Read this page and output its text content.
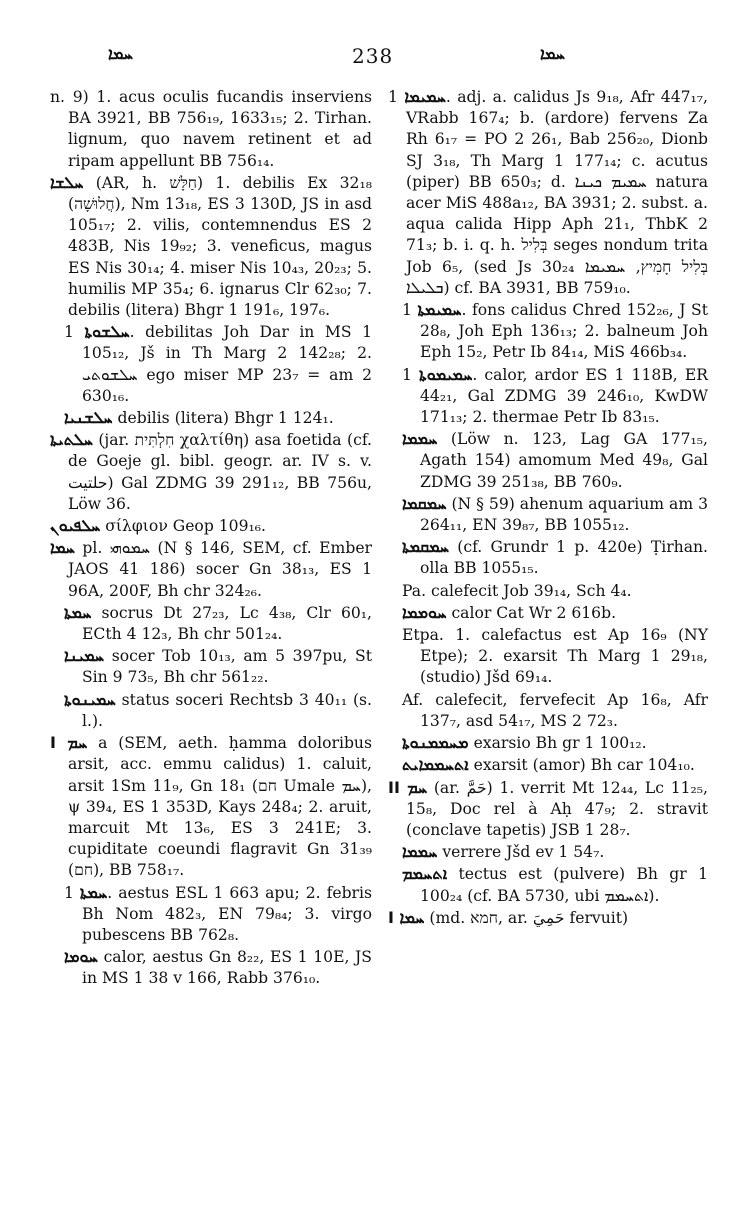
ܚܡܐ	238	ܚܡܐ

n. 9) 1. acus oculis fucandis inserviens BA 3921, BB 756₁₉, 1633₁₅; 2. Tirhan. lignum, quo navem retinent et ad ripam appellunt BB 756₁₄.

ܚܠܫܐ (AR, h. חַלָּשׁ) 1. debilis Ex 32₁₈ (חֲלוּשָׁה), Nm 13₁₈, ES 3 130D, JS in asd 105₁₇; 2. vilis, contemnendus ES 2 483B, Nis 19₉₂; 3. veneficus, magus ES Nis 30₁₄; 4. miser Nis 10₄₃, 20₂₃; 5. humilis MP 35₄; 6. ignarus Clr 62₃₀; 7. debilis (litera) Bhgr 1 191₆, 197₆.

ܚܠܫܘܬܐ 1. debilitas Joh Dar in MS 1 105₁₂, Jš in Th Marg 2 142₂₈; 2. ܚܠܫܘܬܝ ego miser MP 23₇ = am 2 630₁₆.

ܚܠܫܢܝܐ debilis (litera) Bhgr 1 124₁.

ܚܠܬܝܬܐ (jar. חִלְתִּית χαλτίθη) asa foetida (cf. de Goeje gl. bibl. geogr. ar. IV s. v. حلتيت) Gal ZDMG 39 291₁₂, BB 756u, Löw 36.

ܚܠܦܝܘܢ σίλφιον Geop 109₁₆.

ܚܡܐ pl. ܚܡܘܗܝ (N § 146, SEM, cf. Ember JAOS 41 186) socer Gn 38₁₃, ES 1 96A, 200F, Bh chr 324₂₆.

ܚܡܬܐ socrus Dt 27₂₃, Lc 4₃₈, Clr 60₁, ECth 4 12₃, Bh chr 501₂₄.

ܚܡܝܢܐ socer Tob 10₁₃, am 5 397pu, St Sin 9 73₅, Bh chr 561₂₂.

ܚܡܝܢܘܬܐ status soceri Rechtsb 3 40₁₁ (s. l.).

I ܚܡ a (SEM, aeth. ḥamma doloribus arsit, acc. emmu calidus) 1. caluit, arsit 1Sm 11₉, Gn 18₁ (חם Umale ܚܡ), ψ 39₄, ES 1 353D, Kays 248₄; 2. aruit, marcuit Mt 13₆, ES 3 241E; 3. cupiditate coeundi flagravit Gn 31₃₉ (חם), BB 758₁₇.

ܚܡܬܐ 1. aestus ESL 1 663 apu; 2. febris Bh Nom 482₃, EN 79₈₄; 3. virgo pubescens BB 762₈.

ܚܘܡܐ calor, aestus Gn 8₂₂, ES 1 10E, JS in MS 1 38 v 166, Rabb 376₁₀.

ܚܡܝܡܐ 1. adj. a. calidus Js 9₁₈, Afr 447₁₇, VRabb 167₄; b. (ardore) fervens Za Rh 6₁₇ = PO 2 26₁, Bab 256₂₀, Dionb SJ 3₁₈, Th Marg 1 177₁₄; c. acutus (piper) BB 650₃; d. ܚܡܝܡ ܟܝܢܐ natura acer MiS 488a₁₂, BA 3931; 2. subst. a. aqua calida Hipp Aph 21₁, ThbK 2 71₃; b. i. q. h. בְּלִיל seges nondum trita Job 6₅, (sed Js 30₂₄ בְּלִיל חָמִיץ, ܚܡܝܡܐ ܒܠܝܠܐ) cf. BA 3931, BB 759₁₀.

ܚܡܝܡܬܐ 1. fons calidus Chred 152₂₆, J St 28₈, Joh Eph 136₁₃; 2. balneum Joh Eph 15₂, Petr Ib 84₁₄, MiS 466b₃₄.

ܚܡܝܡܘܬܐ 1. calor, ardor ES 1 118B, ER 44₂₁, Gal ZDMG 39 246₁₀, KwDW 171₁₃; 2. thermae Petr Ib 83₁₅.

ܚܡܡܐ (Löw n. 123, Lag GA 177₁₅, Agath 154) amomum Med 49₈, Gal ZDMG 39 251₃₈, BB 760₉.

ܚܡܩܡܐ (N § 59) ahenum aquarium am 3 264₁₁, EN 39₈₇, BB 1055₁₂.

ܚܡܩܡܬܐ (cf. Grundr 1 p. 420e) Ṭirhan. olla BB 1055₁₅.

Pa. calefecit Job 39₁₄, Sch 4₄.

ܚܘܡܡܐ calor Cat Wr 2 616b.

Etpa. 1. calefactus est Ap 16₉ (NY Etpe); 2. exarsit Th Marg 1 29₁₈, (studio) Jšd 69₁₄.

Af. calefecit, fervefecit Ap 16₈, Afr 137₇, asd 54₁₇, MS 2 72₃.

ܡܚܡܡܢܘܬܐ exarsio Bh gr 1 100₁₂.

ܐܬܚܡܡܐܝܬ exarsit (amor) Bh car 104₁₀.

II ܚܡ (ar. حَمَّ) 1. verrit Mt 12₄₄, Lc 11₂₅, 15₈, Doc rel à Aḥ 47₉; 2. stravit (conclave tapetis) JSB 1 28₇.

ܚܡܡܐ verrere Jšd ev 1 54₇.

ܐܬܚܡܡ tectus est (pulvere) Bh gr 1 100₂₄ (cf. BA 5730, ubi ܐܬܚܡܡ).

I ܚܡܐ (md. חמא, ar. حَمِيَ fervuit)
